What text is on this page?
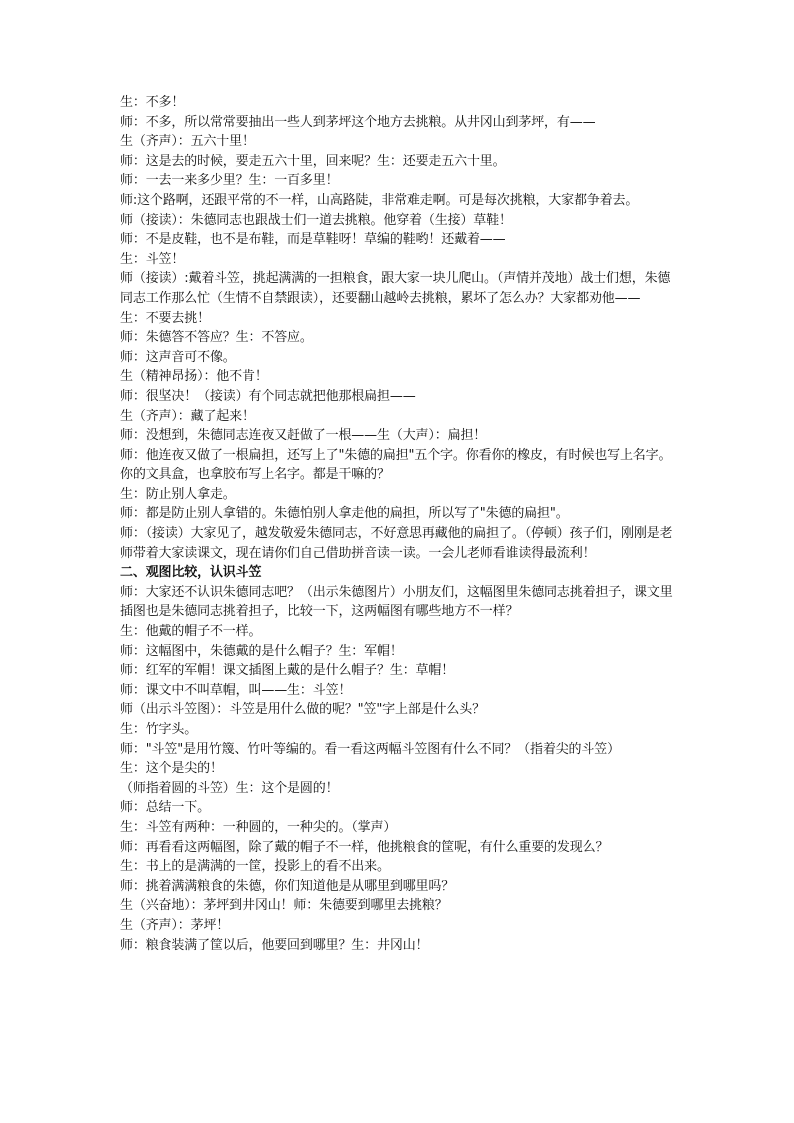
生：不多！
师：不多，所以常常要抽出一些人到茅坪这个地方去挑粮。从井冈山到茅坪，有——
生（齐声）：五六十里！
师：这是去的时候，要走五六十里，回来呢？生：还要走五六十里。
师：一去一来多少里？生：一百多里！
师:这个路啊，还跟平常的不一样，山高路陡，非常难走啊。可是每次挑粮，大家都争着去。
师（接读）：朱德同志也跟战士们一道去挑粮。他穿着（生接）草鞋！
师：不是皮鞋，也不是布鞋，而是草鞋呀！草编的鞋哟！还戴着——
生：斗笠！
师（接读）:戴着斗笠，挑起满满的一担粮食，跟大家一块儿爬山。（声情并茂地）战士们想，朱德同志工作那么忙（生情不自禁跟读），还要翻山越岭去挑粮，累坏了怎么办？大家都劝他——
生：不要去挑！
师：朱德答不答应？生：不答应。
师：这声音可不像。
生（精神昂扬）：他不肯！
师：很坚决！（接读）有个同志就把他那根扁担——
生（齐声）：藏了起来！
师：没想到，朱德同志连夜又赶做了一根——生（大声）：扁担！
师：他连夜又做了一根扁担，还写上了"朱德的扁担"五个字。你看你的橡皮，有时候也写上名字。你的文具盒，也拿胶布写上名字。都是干嘛的？
生：防止别人拿走。
师：都是防止别人拿错的。朱德怕别人拿走他的扁担，所以写了"朱德的扁担"。
师：（接读）大家见了，越发敬爱朱德同志，不好意思再藏他的扁担了。（停顿）孩子们，刚刚是老师带着大家读课文，现在请你们自己借助拼音读一读。一会儿老师看谁读得最流利！
二、观图比较，认识斗笠
师：大家还不认识朱德同志吧？（出示朱德图片）小朋友们，这幅图里朱德同志挑着担子，课文里插图也是朱德同志挑着担子，比较一下，这两幅图有哪些地方不一样？
生：他戴的帽子不一样。
师：这幅图中，朱德戴的是什么帽子？生：军帽！
师：红军的军帽！课文插图上戴的是什么帽子？生：草帽！
师：课文中不叫草帽，叫——生：斗笠！
师（出示斗笠图）：斗笠是用什么做的呢？"笠"字上部是什么头？
生：竹字头。
师："斗笠"是用竹篾、竹叶等编的。看一看这两幅斗笠图有什么不同？（指着尖的斗笠）
生：这个是尖的！
（师指着圆的斗笠）生：这个是圆的！
师：总结一下。
生：斗笠有两种：一种圆的，一种尖的。（掌声）
师：再看看这两幅图，除了戴的帽子不一样，他挑粮食的筐呢，有什么重要的发现么？
生：书上的是满满的一筐，投影上的看不出来。
师：挑着满满粮食的朱德，你们知道他是从哪里到哪里吗？
生（兴奋地）：茅坪到井冈山！师：朱德要到哪里去挑粮？
生（齐声）：茅坪！
师：粮食装满了筐以后，他要回到哪里？生：井冈山！
